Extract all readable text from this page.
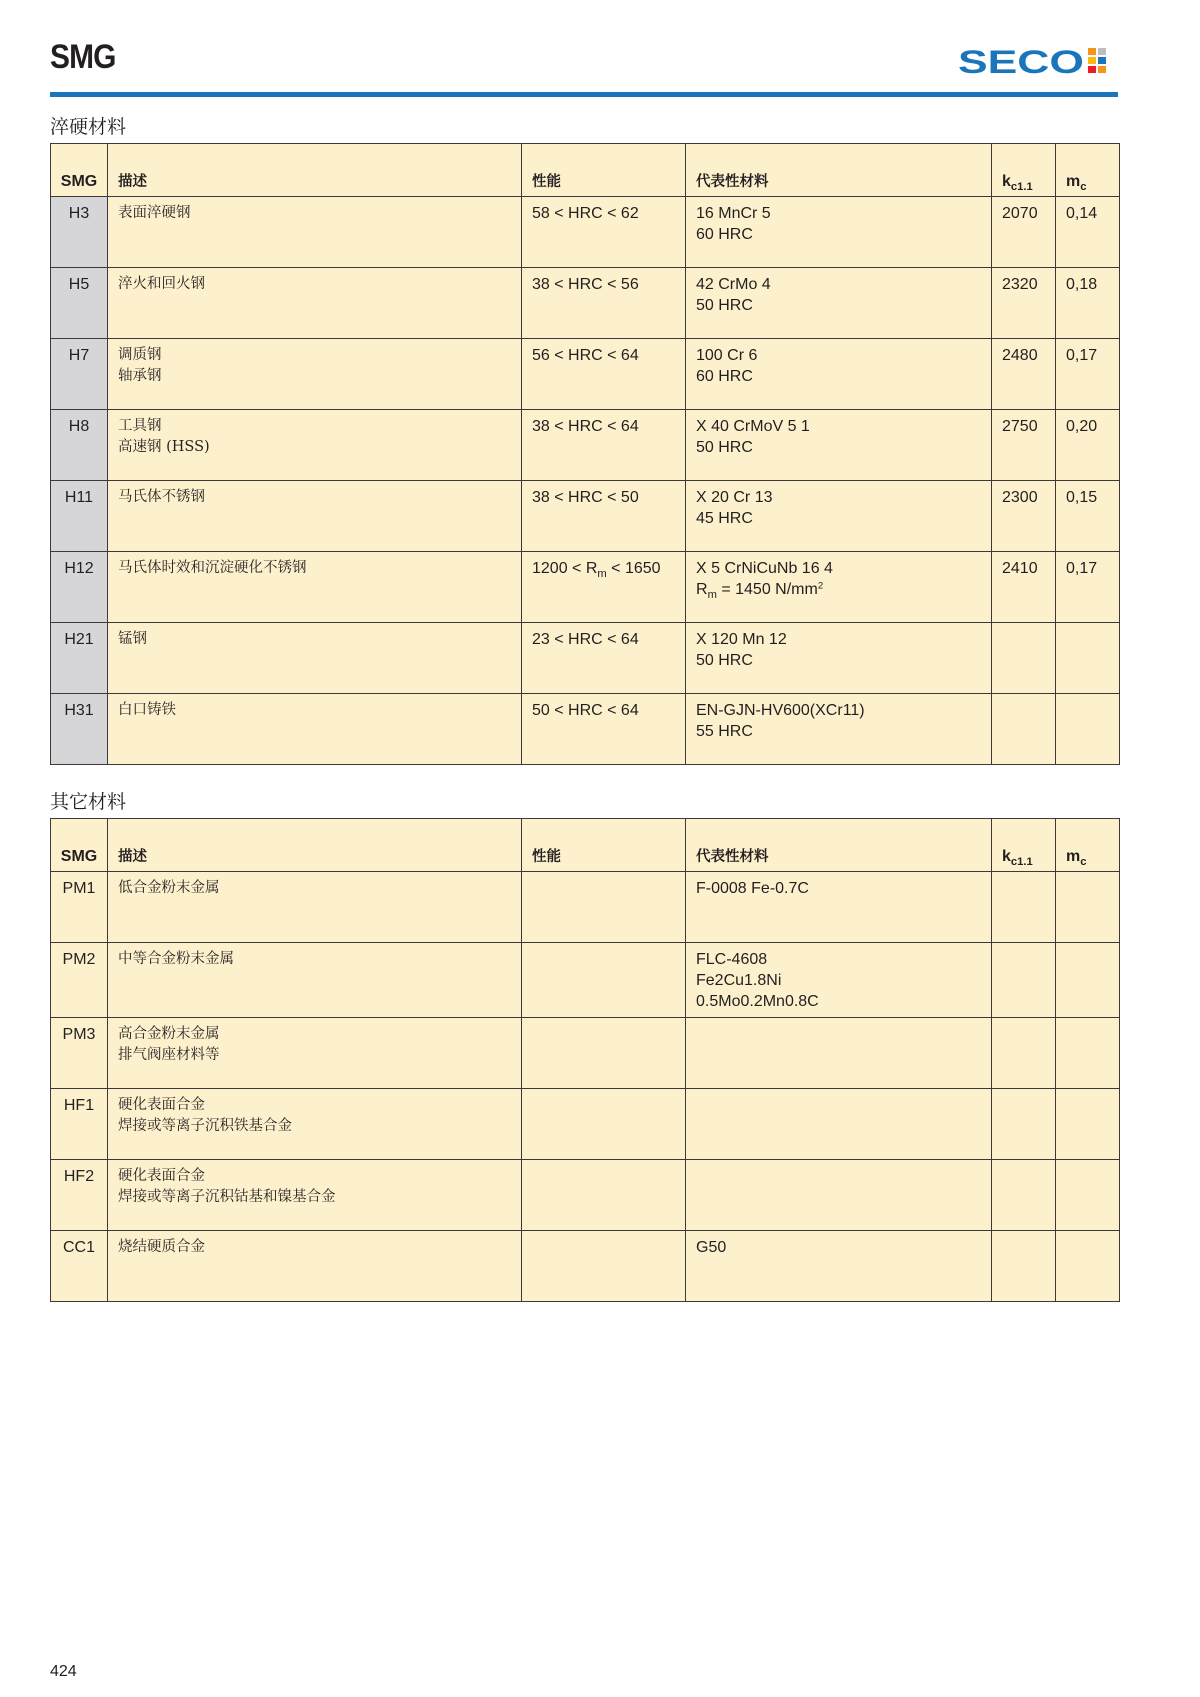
SMG	SECO
淬硬材料
SMG	描述	性能	代表性材料	$k_{c1.1}$	$m_c$
H3	表面淬硬钢	58 < HRC < 62	16 MnCr 5
60 HRC	2070	0,14
H5	淬火和回火钢	38 < HRC < 56	42 CrMo 4
50 HRC	2320	0,18
H7	调质钢
轴承钢	56 < HRC < 64	100 Cr 6
60 HRC	2480	0,17
H8	工具钢
高速钢 (HSS)	38 < HRC < 64	X 40 CrMoV 5 1
50 HRC	2750	0,20
H11	马氏体不锈钢	38 < HRC < 50	X 20 Cr 13
45 HRC	2300	0,15
H12	马氏体时效和沉淀硬化不锈钢	$1200 < R_m < 1650$	X 5 CrNiCuNb 16 4
$R_m = 1450$ $N/mm^2$	2410	0,17
H21	锰钢	23 < HRC < 64	X 120 Mn 12
50 HRC		

H31	白口铸铁	50 < HRC < 64	EN-GJN-HV600(XCr11)
55 HRC		

其它材料
SMG	描述	性能	代表性材料	$k_{c1.1}$	$m_c$
PM1	低合金粉末金属		F-0008 Fe-0.7C		

PM2	中等合金粉末金属		FLC-4608
Fe2Cu1.8Ni
0.5Mo0.2Mn0.8C		

PM3	高合金粉末金属
排气阀座材料等				

HF1	硬化表面合金
焊接或等离子沉积铁基合金				

HF2	硬化表面合金
焊接或等离子沉积钴基和镍基合金				

CC1	烧结硬质合金		G50		

424
